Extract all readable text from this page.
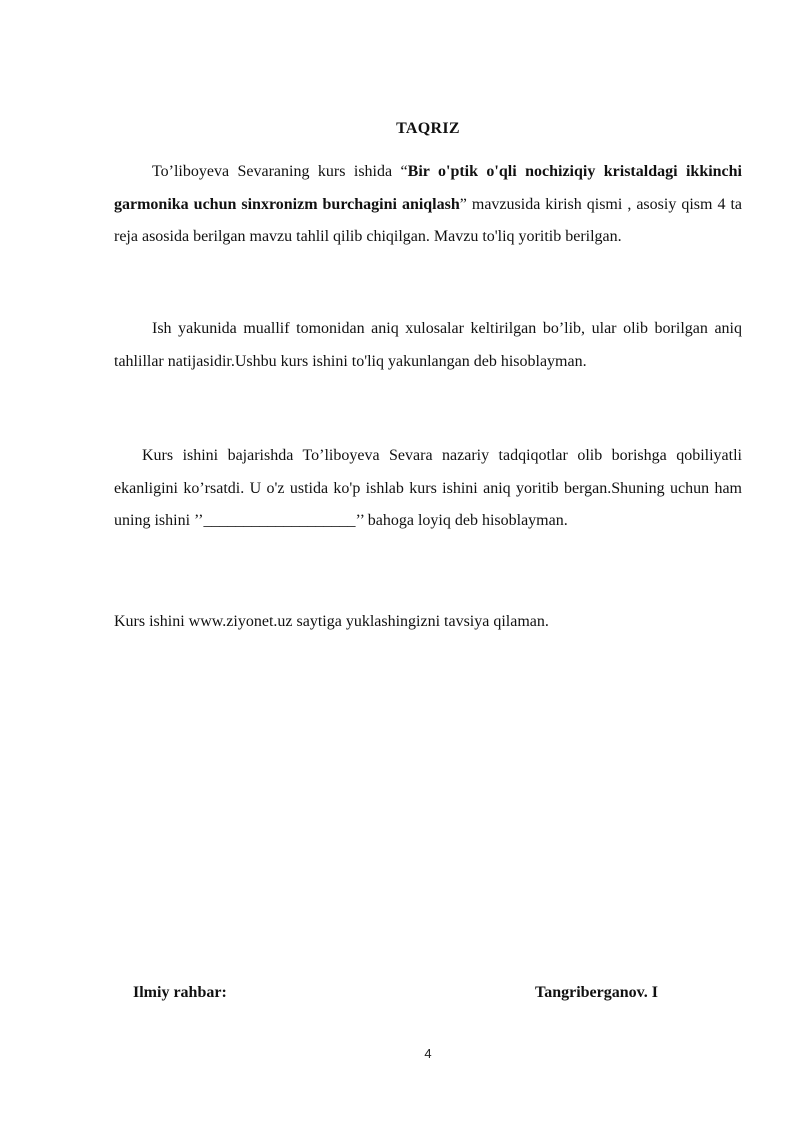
TAQRIZ
To’liboyeva Sevaraning kurs ishida “Bir o'ptik o'qli nochiziqiy kristaldagi ikkinchi garmonika uchun sinxronizm burchagini aniqlash” mavzusida kirish qismi , asosiy qism 4 ta reja asosida berilgan mavzu tahlil qilib chiqilgan. Mavzu to'liq yoritib berilgan.
Ish yakunida muallif tomonidan aniq xulosalar keltirilgan bo’lib, ular olib borilgan aniq tahlillar natijasidir.Ushbu kurs ishini to'liq yakunlangan deb hisoblayman.
Kurs ishini bajarishda To’liboyeva Sevara nazariy tadqiqotlar olib borishga qobiliyatli ekanligini ko’rsatdi. U o'z ustida ko'p ishlab kurs ishini aniq yoritib bergan.Shuning uchun ham uning ishini ’’___________________’’ bahoga loyiq deb hisoblayman.
Kurs ishini www.ziyonet.uz saytiga yuklashingizni tavsiya qilaman.
Ilmiy rahbar:	Tangriberganov. I
4
